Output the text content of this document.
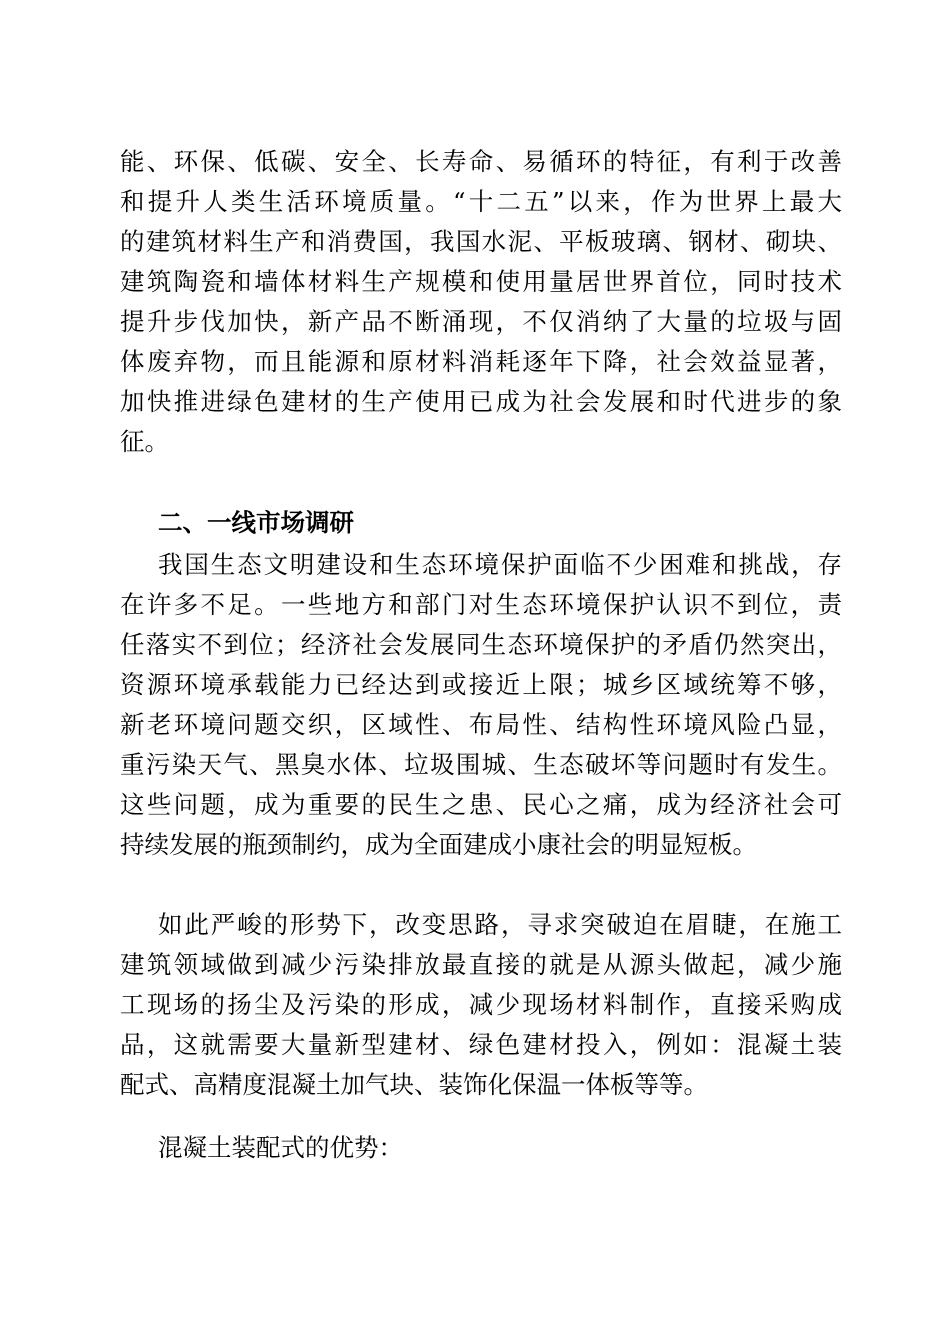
能、环保、低碳、安全、长寿命、易循环的特征，有利于改善
和提升人类生活环境质量。“十二五”以来，作为世界上最大
的建筑材料生产和消费国，我国水泥、平板玻璃、钢材、砌块、
建筑陶瓷和墙体材料生产规模和使用量居世界首位，同时技术
提升步伐加快，新产品不断涌现，不仅消纳了大量的垃圾与固
体废弃物，而且能源和原材料消耗逐年下降，社会效益显著，
加快推进绿色建材的生产使用已成为社会发展和时代进步的象
征。
二、一线市场调研
我国生态文明建设和生态环境保护面临不少困难和挑战，存
在许多不足。一些地方和部门对生态环境保护认识不到位，责
任落实不到位；经济社会发展同生态环境保护的矛盾仍然突出，
资源环境承载能力已经达到或接近上限；城乡区域统筹不够，
新老环境问题交织，区域性、布局性、结构性环境风险凸显，
重污染天气、黑臭水体、垃圾围城、生态破坏等问题时有发生。
这些问题，成为重要的民生之患、民心之痛，成为经济社会可
持续发展的瓶颈制约，成为全面建成小康社会的明显短板。
如此严峻的形势下，改变思路，寻求突破迫在眉睫，在施工
建筑领域做到减少污染排放最直接的就是从源头做起，减少施
工现场的扬尘及污染的形成，减少现场材料制作，直接采购成
品，这就需要大量新型建材、绿色建材投入，例如：混凝土装
配式、高精度混凝土加气块、装饰化保温一体板等等。
混凝土装配式的优势：
